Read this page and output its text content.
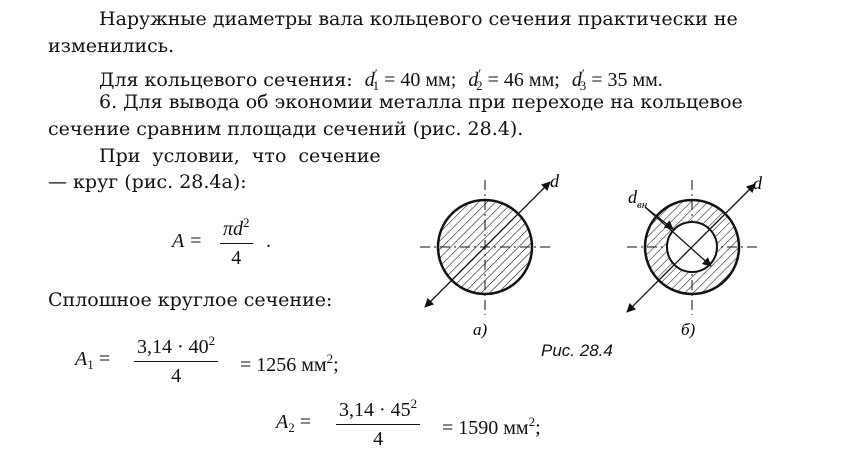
Наружные диаметры вала кольцевого сечения практически не
изменились.
Для кольцевого сечения: $d'_1 = 40$ мм; $d'_2 = 46$ мм; $d'_3 = 35$ мм.
6. Для вывода об экономии металла при переходе на кольцевое
сечение сравним площади сечений (рис. 28.4).
При условии, что сечение
— круг (рис. 28.4а):
$A = \frac{\pi d^2}{4}$ .
Сплошное круглое сечение:
$A_1 = \frac{3,14 \cdot 40^2}{4} = 1256$ $мм^2$;
$A_2 = \frac{3,14 \cdot 45^2}{4} = 1590$ $мм^2$;
d	d
$d_{вн}$
а)	б)
Рис. 28.4
